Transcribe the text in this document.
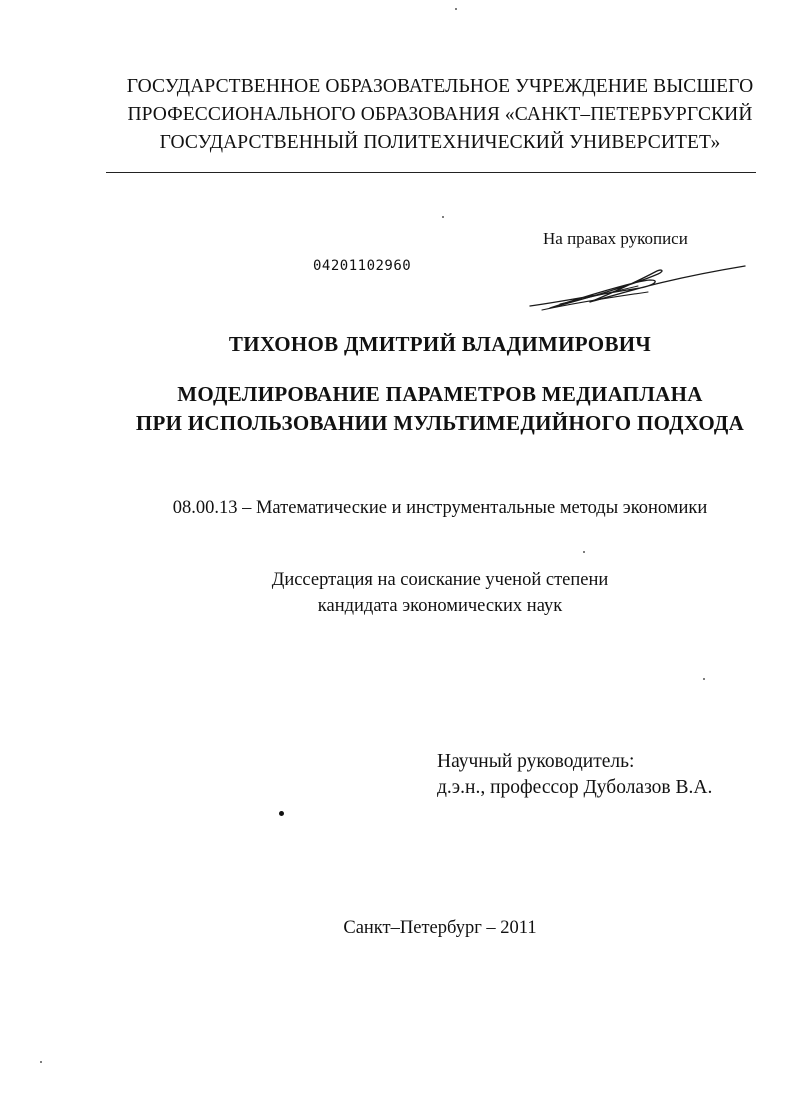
ГОСУДАРСТВЕННОЕ ОБРАЗОВАТЕЛЬНОЕ УЧРЕЖДЕНИЕ ВЫСШЕГО
ПРОФЕССИОНАЛЬНОГО ОБРАЗОВАНИЯ «САНКТ–ПЕТЕРБУРГСКИЙ
ГОСУДАРСТВЕННЫЙ ПОЛИТЕХНИЧЕСКИЙ УНИВЕРСИТЕТ»
На правах рукописи
04201102960
ТИХОНОВ ДМИТРИЙ ВЛАДИМИРОВИЧ
МОДЕЛИРОВАНИЕ ПАРАМЕТРОВ МЕДИАПЛАНА
ПРИ ИСПОЛЬЗОВАНИИ МУЛЬТИМЕДИЙНОГО ПОДХОДА
08.00.13 – Математические и инструментальные методы экономики
Диссертация на соискание ученой степени
кандидата экономических наук
Научный руководитель:
д.э.н., профессор Дуболазов В.А.
Санкт–Петербург – 2011
